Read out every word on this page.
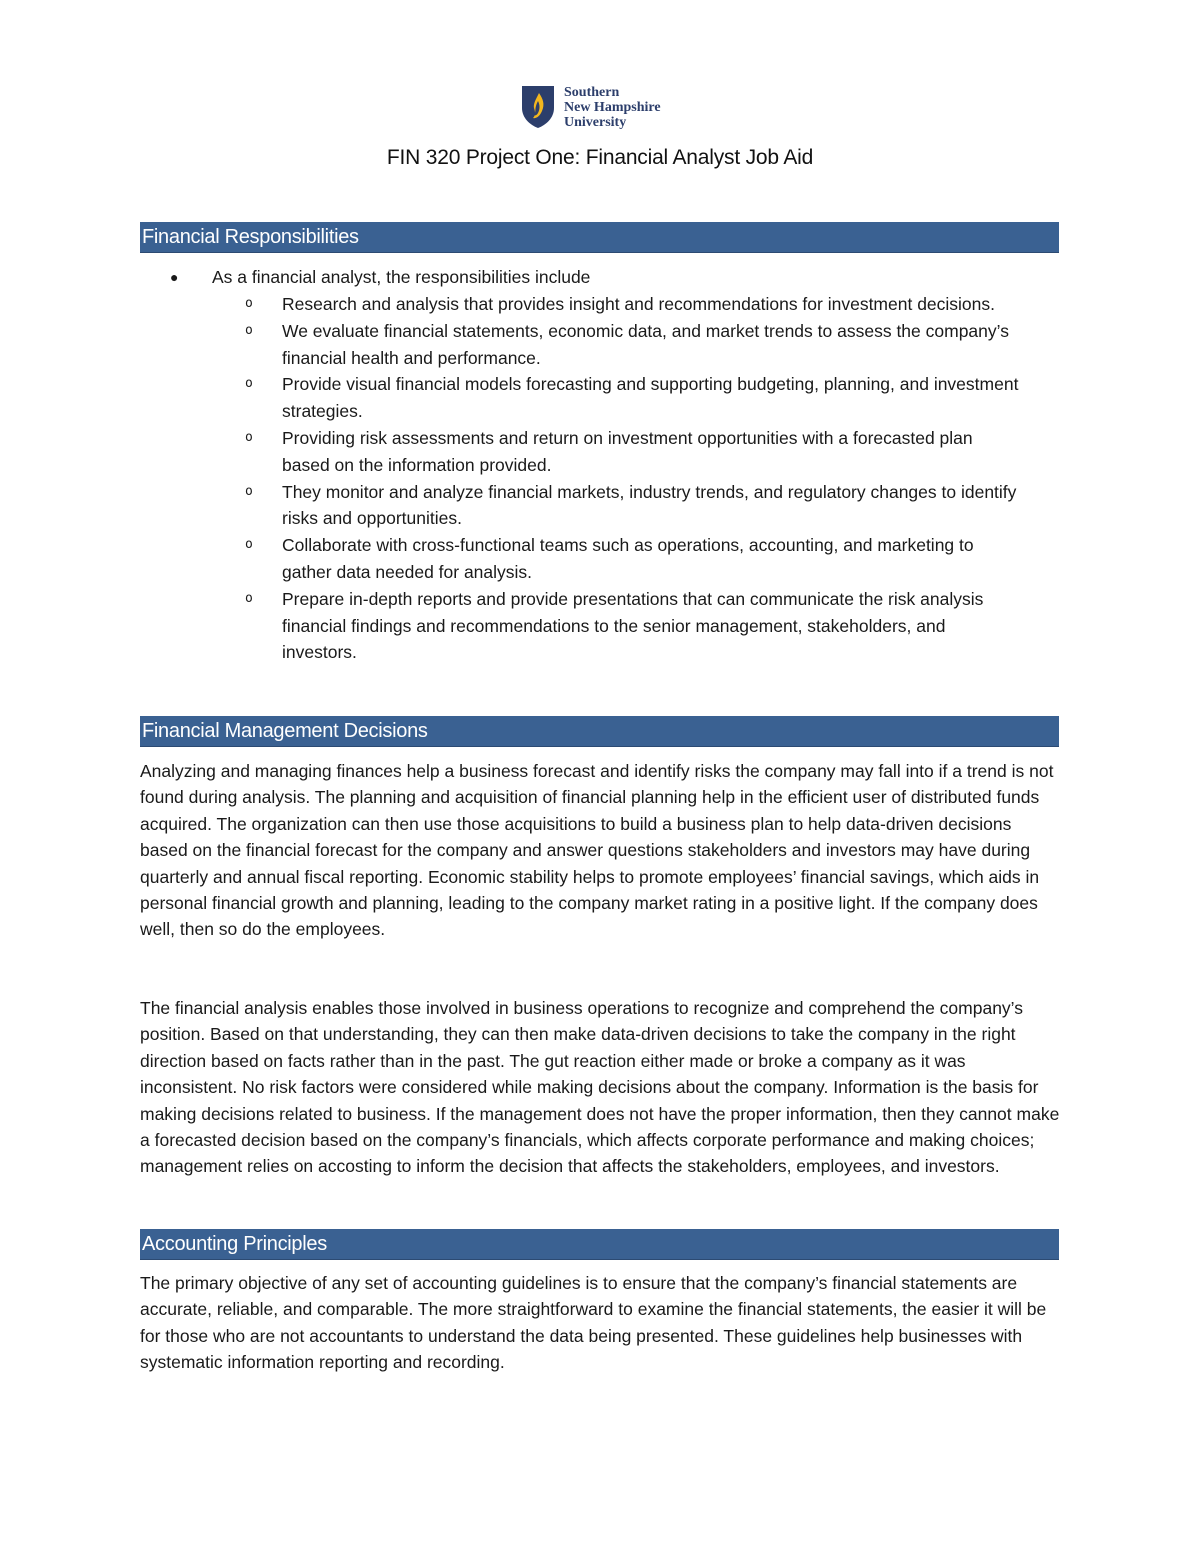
Southern
New Hampshire
University
FIN 320 Project One: Financial Analyst Job Aid
Financial Responsibilities
●	As a financial analyst, the responsibilities include
o Research and analysis that provides insight and recommendations for investment decisions.
o We evaluate financial statements, economic data, and market trends to assess the company’s financial health and performance.
o Provide visual financial models forecasting and supporting budgeting, planning, and investment strategies.
o Providing risk assessments and return on investment opportunities with a forecasted plan based on the information provided.
o They monitor and analyze financial markets, industry trends, and regulatory changes to identify risks and opportunities.
o Collaborate with cross-functional teams such as operations, accounting, and marketing to gather data needed for analysis.
o Prepare in-depth reports and provide presentations that can communicate the risk analysis financial findings and recommendations to the senior management, stakeholders, and investors.
Financial Management Decisions

Analyzing and managing finances help a business forecast and identify risks the company may fall into if a trend is not found during analysis. The planning and acquisition of financial planning help in the efficient user of distributed funds acquired. The organization can then use those acquisitions to build a business plan to help data-driven decisions based on the financial forecast for the company and answer questions stakeholders and investors may have during quarterly and annual fiscal reporting. Economic stability helps to promote employees’ financial savings, which aids in personal financial growth and planning, leading to the company market rating in a positive light. If the company does well, then so do the employees.

The financial analysis enables those involved in business operations to recognize and comprehend the company’s position. Based on that understanding, they can then make data-driven decisions to take the company in the right direction based on facts rather than in the past. The gut reaction either made or broke a company as it was inconsistent. No risk factors were considered while making decisions about the company. Information is the basis for making decisions related to business. If the management does not have the proper information, then they cannot make a forecasted decision based on the company’s financials, which affects corporate performance and making choices; management relies on accosting to inform the decision that affects the stakeholders, employees, and investors.

Accounting Principles

The primary objective of any set of accounting guidelines is to ensure that the company’s financial statements are accurate, reliable, and comparable. The more straightforward to examine the financial statements, the easier it will be for those who are not accountants to understand the data being presented. These guidelines help businesses with systematic information reporting and recording.
